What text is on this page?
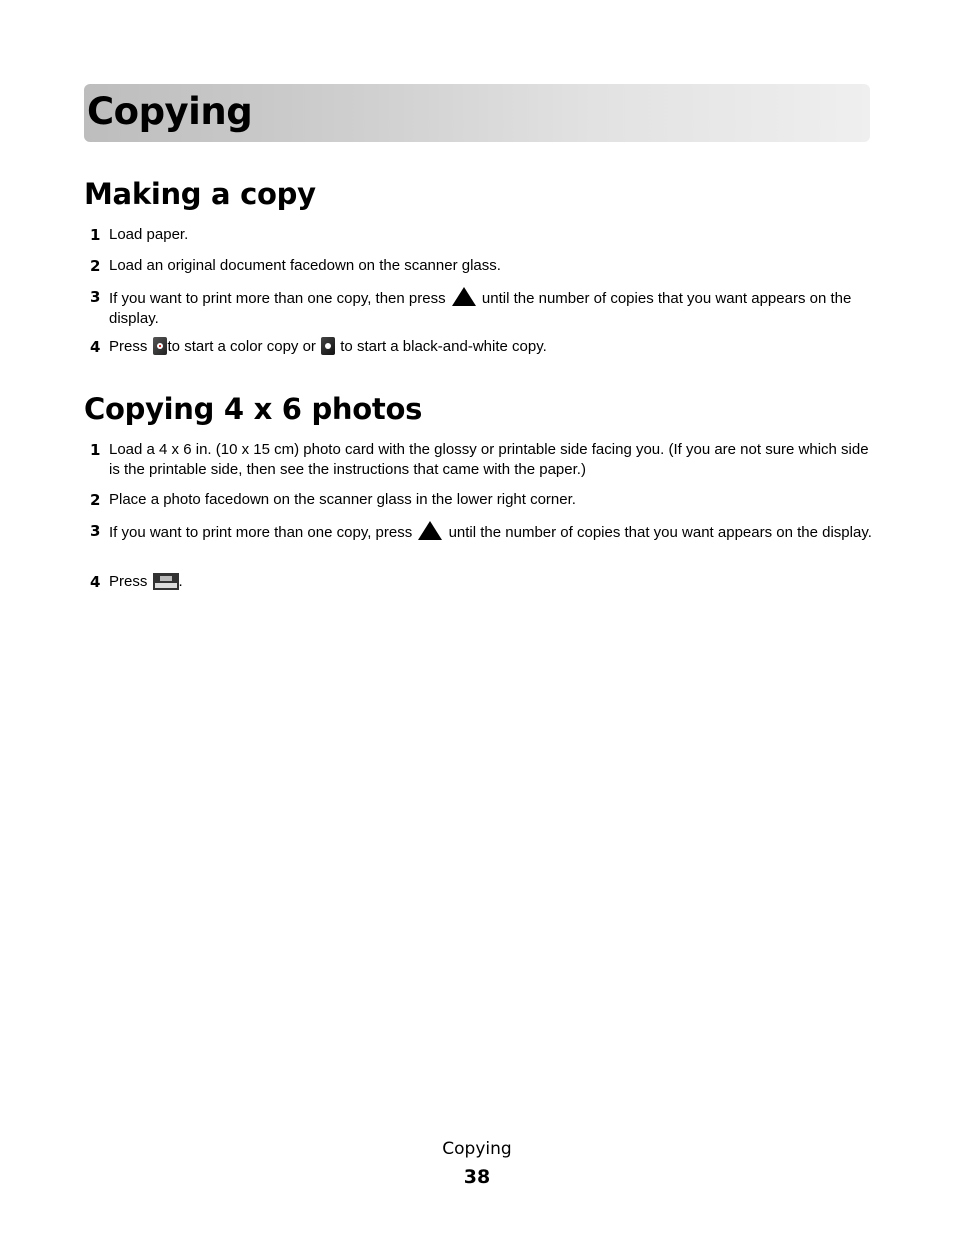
Copying
Making a copy
1 Load paper.
2 Load an original document facedown on the scanner glass.
3 If you want to print more than one copy, then press until the number of copies that you want appears on the display.
4 Press to start a color copy or to start a black-and-white copy.
Copying 4 x 6 photos
1 Load a 4 x 6 in. (10 x 15 cm) photo card with the glossy or printable side facing you. (If you are not sure which side is the printable side, then see the instructions that came with the paper.)
2 Place a photo facedown on the scanner glass in the lower right corner.
3 If you want to print more than one copy, press until the number of copies that you want appears on the display.
4 Press .
Copying
38
